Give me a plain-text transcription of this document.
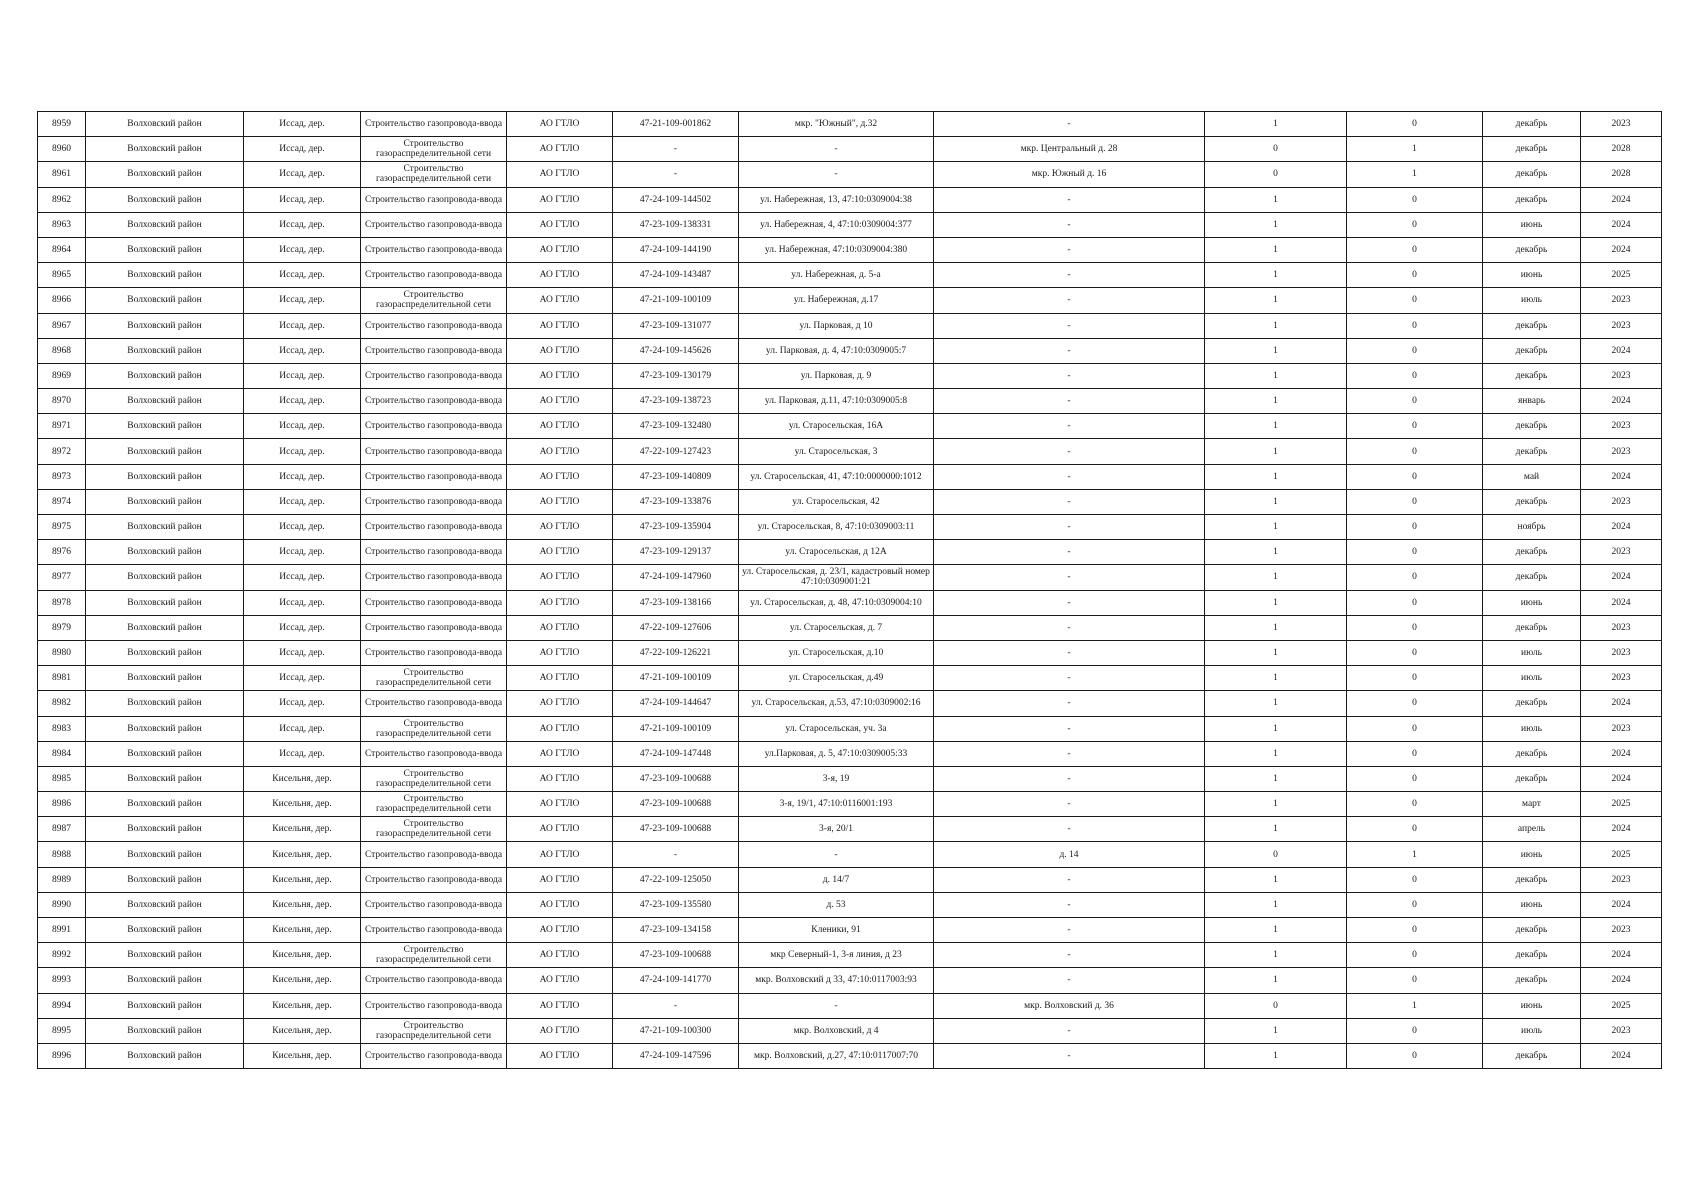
8959	Волховский район	Иссад, дер.	Строительство газопровода-ввода	АО ГТЛО	47-21-109-001862	мкр. "Южный", д.32	-	1	0	декабрь	2023
8960	Волховский район	Иссад, дер.	Строительство газораспределительной сети	АО ГТЛО	-	-	мкр. Центральный д. 28	0	1	декабрь	2028
8961	Волховский район	Иссад, дер.	Строительство газораспределительной сети	АО ГТЛО	-	-	мкр. Южный д. 16	0	1	декабрь	2028
8962	Волховский район	Иссад, дер.	Строительство газопровода-ввода	АО ГТЛО	47-24-109-144502	ул. Набережная, 13, 47:10:0309004:38	-	1	0	декабрь	2024
8963	Волховский район	Иссад, дер.	Строительство газопровода-ввода	АО ГТЛО	47-23-109-138331	ул. Набережная, 4, 47:10:0309004:377	-	1	0	июнь	2024
8964	Волховский район	Иссад, дер.	Строительство газопровода-ввода	АО ГТЛО	47-24-109-144190	ул. Набережная, 47:10:0309004:380	-	1	0	декабрь	2024
8965	Волховский район	Иссад, дер.	Строительство газопровода-ввода	АО ГТЛО	47-24-109-143487	ул. Набережная, д. 5-а	-	1	0	июнь	2025
8966	Волховский район	Иссад, дер.	Строительство газораспределительной сети	АО ГТЛО	47-21-109-100109	ул. Набережная, д.17	-	1	0	июль	2023
8967	Волховский район	Иссад, дер.	Строительство газопровода-ввода	АО ГТЛО	47-23-109-131077	ул. Парковая, д 10	-	1	0	декабрь	2023
8968	Волховский район	Иссад, дер.	Строительство газопровода-ввода	АО ГТЛО	47-24-109-145626	ул. Парковая, д. 4, 47:10:0309005:7	-	1	0	декабрь	2024
8969	Волховский район	Иссад, дер.	Строительство газопровода-ввода	АО ГТЛО	47-23-109-130179	ул. Парковая, д. 9	-	1	0	декабрь	2023
8970	Волховский район	Иссад, дер.	Строительство газопровода-ввода	АО ГТЛО	47-23-109-138723	ул. Парковая, д.11, 47:10:0309005:8	-	1	0	январь	2024
8971	Волховский район	Иссад, дер.	Строительство газопровода-ввода	АО ГТЛО	47-23-109-132480	ул. Старосельская, 16А	-	1	0	декабрь	2023
8972	Волховский район	Иссад, дер.	Строительство газопровода-ввода	АО ГТЛО	47-22-109-127423	ул. Старосельская, 3	-	1	0	декабрь	2023
8973	Волховский район	Иссад, дер.	Строительство газопровода-ввода	АО ГТЛО	47-23-109-140809	ул. Старосельская, 41, 47:10:0000000:1012	-	1	0	май	2024
8974	Волховский район	Иссад, дер.	Строительство газопровода-ввода	АО ГТЛО	47-23-109-133876	ул. Старосельская, 42	-	1	0	декабрь	2023
8975	Волховский район	Иссад, дер.	Строительство газопровода-ввода	АО ГТЛО	47-23-109-135904	ул. Старосельская, 8, 47:10:0309003:11	-	1	0	ноябрь	2024
8976	Волховский район	Иссад, дер.	Строительство газопровода-ввода	АО ГТЛО	47-23-109-129137	ул. Старосельская, д 12А	-	1	0	декабрь	2023
8977	Волховский район	Иссад, дер.	Строительство газопровода-ввода	АО ГТЛО	47-24-109-147960	ул. Старосельская, д. 23/1, кадастровый номер 47:10:0309001:21	-	1	0	декабрь	2024
8978	Волховский район	Иссад, дер.	Строительство газопровода-ввода	АО ГТЛО	47-23-109-138166	ул. Старосельская, д. 48, 47:10:0309004:10	-	1	0	июнь	2024
8979	Волховский район	Иссад, дер.	Строительство газопровода-ввода	АО ГТЛО	47-22-109-127606	ул. Старосельская, д. 7	-	1	0	декабрь	2023
8980	Волховский район	Иссад, дер.	Строительство газопровода-ввода	АО ГТЛО	47-22-109-126221	ул. Старосельская, д.10	-	1	0	июль	2023
8981	Волховский район	Иссад, дер.	Строительство газораспределительной сети	АО ГТЛО	47-21-109-100109	ул. Старосельская, д.49	-	1	0	июль	2023
8982	Волховский район	Иссад, дер.	Строительство газопровода-ввода	АО ГТЛО	47-24-109-144647	ул. Старосельская, д.53, 47:10:0309002:16	-	1	0	декабрь	2024
8983	Волховский район	Иссад, дер.	Строительство газораспределительной сети	АО ГТЛО	47-21-109-100109	ул. Старосельская, уч. 3а	-	1	0	июль	2023
8984	Волховский район	Иссад, дер.	Строительство газопровода-ввода	АО ГТЛО	47-24-109-147448	ул.Парковая, д. 5, 47:10:0309005:33	-	1	0	декабрь	2024
8985	Волховский район	Кисельня, дер.	Строительство газораспределительной сети	АО ГТЛО	47-23-109-100688	3-я, 19	-	1	0	декабрь	2024
8986	Волховский район	Кисельня, дер.	Строительство газораспределительной сети	АО ГТЛО	47-23-109-100688	3-я, 19/1, 47:10:0116001:193	-	1	0	март	2025
8987	Волховский район	Кисельня, дер.	Строительство газораспределительной сети	АО ГТЛО	47-23-109-100688	3-я, 20/1	-	1	0	апрель	2024
8988	Волховский район	Кисельня, дер.	Строительство газопровода-ввода	АО ГТЛО	-	-	д. 14	0	1	июнь	2025
8989	Волховский район	Кисельня, дер.	Строительство газопровода-ввода	АО ГТЛО	47-22-109-125050	д. 14/7	-	1	0	декабрь	2023
8990	Волховский район	Кисельня, дер.	Строительство газопровода-ввода	АО ГТЛО	47-23-109-135580	д. 53	-	1	0	июнь	2024
8991	Волховский район	Кисельня, дер.	Строительство газопровода-ввода	АО ГТЛО	47-23-109-134158	Кленики, 91	-	1	0	декабрь	2023
8992	Волховский район	Кисельня, дер.	Строительство газораспределительной сети	АО ГТЛО	47-23-109-100688	мкр Северный-1, 3-я линия, д 23	-	1	0	декабрь	2024
8993	Волховский район	Кисельня, дер.	Строительство газопровода-ввода	АО ГТЛО	47-24-109-141770	мкр. Волховский д 33, 47:10:0117003:93	-	1	0	декабрь	2024
8994	Волховский район	Кисельня, дер.	Строительство газопровода-ввода	АО ГТЛО	-	-	мкр. Волховский д. 36	0	1	июнь	2025
8995	Волховский район	Кисельня, дер.	Строительство газораспределительной сети	АО ГТЛО	47-21-109-100300	мкр. Волховский, д 4	-	1	0	июль	2023
8996	Волховский район	Кисельня, дер.	Строительство газопровода-ввода	АО ГТЛО	47-24-109-147596	мкр. Волховский, д.27, 47:10:0117007:70	-	1	0	декабрь	2024
